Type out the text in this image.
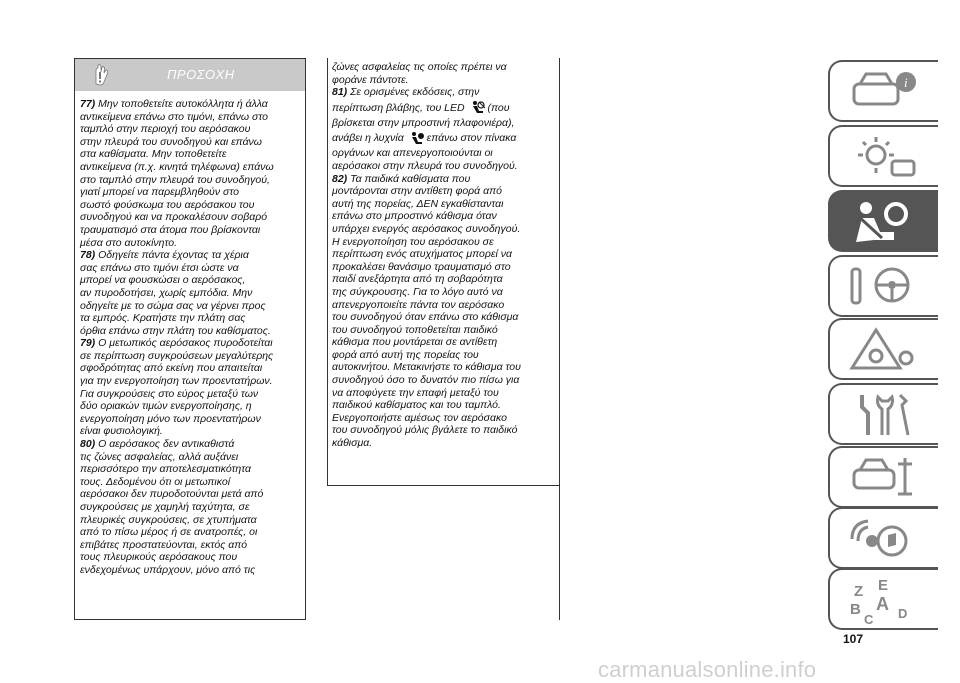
ΠΡΟΣΟΧΗ
77) Μην τοποθετείτε αυτοκόλλητα ή άλλα
αντικείμενα επάνω στο τιμόνι, επάνω στο
ταμπλό στην περιοχή του αερόσακου
στην πλευρά του συνοδηγού και επάνω
στα καθίσματα. Μην τοποθετείτε
αντικείμενα (π.χ. κινητά τηλέφωνα) επάνω
στο ταμπλό στην πλευρά του συνοδηγού,
γιατί μπορεί να παρεμβληθούν στο
σωστό φούσκωμα του αερόσακου του
συνοδηγού και να προκαλέσουν σοβαρό
τραυματισμό στα άτομα που βρίσκονται
μέσα στο αυτοκίνητο.
78) Οδηγείτε πάντα έχοντας τα χέρια
σας επάνω στο τιμόνι έτσι ώστε να
μπορεί να φουσκώσει ο αερόσακος,
αν πυροδοτήσει, χωρίς εμπόδια. Μην
οδηγείτε με το σώμα σας να γέρνει προς
τα εμπρός. Κρατήστε την πλάτη σας
όρθια επάνω στην πλάτη του καθίσματος.
79) Ο μετωπικός αερόσακος πυροδοτείται
σε περίπτωση συγκρούσεων μεγαλύτερης
σφοδρότητας από εκείνη που απαιτείται
για την ενεργοποίηση των προεντατήρων.
Για συγκρούσεις στο εύρος μεταξύ των
δύο οριακών τιμών ενεργοποίησης, η
ενεργοποίηση μόνο των προεντατήρων
είναι φυσιολογική.
80) Ο αερόσακος δεν αντικαθιστά
τις ζώνες ασφαλείας, αλλά αυξάνει
περισσότερο την αποτελεσματικότητα
τους. Δεδομένου ότι οι μετωπικοί
αερόσακοι δεν πυροδοτούνται μετά από
συγκρούσεις με χαμηλή ταχύτητα, σε
πλευρικές συγκρούσεις, σε χτυπήματα
από το πίσω μέρος ή σε ανατροπές, οι
επιβάτες προστατεύονται, εκτός από
τους πλευρικούς αερόσακους που
ενδεχομένως υπάρχουν, μόνο από τις
ζώνες ασφαλείας τις οποίες πρέπει να
φοράνε πάντοτε.
81) Σε ορισμένες εκδόσεις, στην
περίπτωση βλάβης, του LED (που
βρίσκεται στην μπροστινή πλαφονιέρα),
ανάβει η λυχνία επάνω στον πίνακα
οργάνων και απενεργοποιούνται οι
αερόσακοι στην πλευρά του συνοδηγού.
82) Τα παιδικά καθίσματα που
μοντάρονται στην αντίθετη φορά από
αυτή της πορείας, ΔΕΝ εγκαθίστανται
επάνω στο μπροστινό κάθισμα όταν
υπάρχει ενεργός αερόσακος συνοδηγού.
Η ενεργοποίηση του αερόσακου σε
περίπτωση ενός ατυχήματος μπορεί να
προκαλέσει θανάσιμο τραυματισμό στο
παιδί ανεξάρτητα από τη σοβαρότητα
της σύγκρουσης. Για το λόγο αυτό να
απενεργοποιείτε πάντα τον αερόσακο
του συνοδηγού όταν επάνω στο κάθισμα
του συνοδηγού τοποθετείται παιδικό
κάθισμα που μοντάρεται σε αντίθετη
φορά από αυτή της πορείας του
αυτοκινήτου. Μετακινήστε το κάθισμα του
συνοδηγού όσο το δυνατόν πιο πίσω για
να αποφύγετε την επαφή μεταξύ του
παιδικού καθίσματος και του ταμπλό.
Ενεργοποιήστε αμέσως τον αερόσακο
του συνοδηγού μόλις βγάλετε το παιδικό
κάθισμα.
107
carmanualsonline.info
i
Z E
B A
C D
